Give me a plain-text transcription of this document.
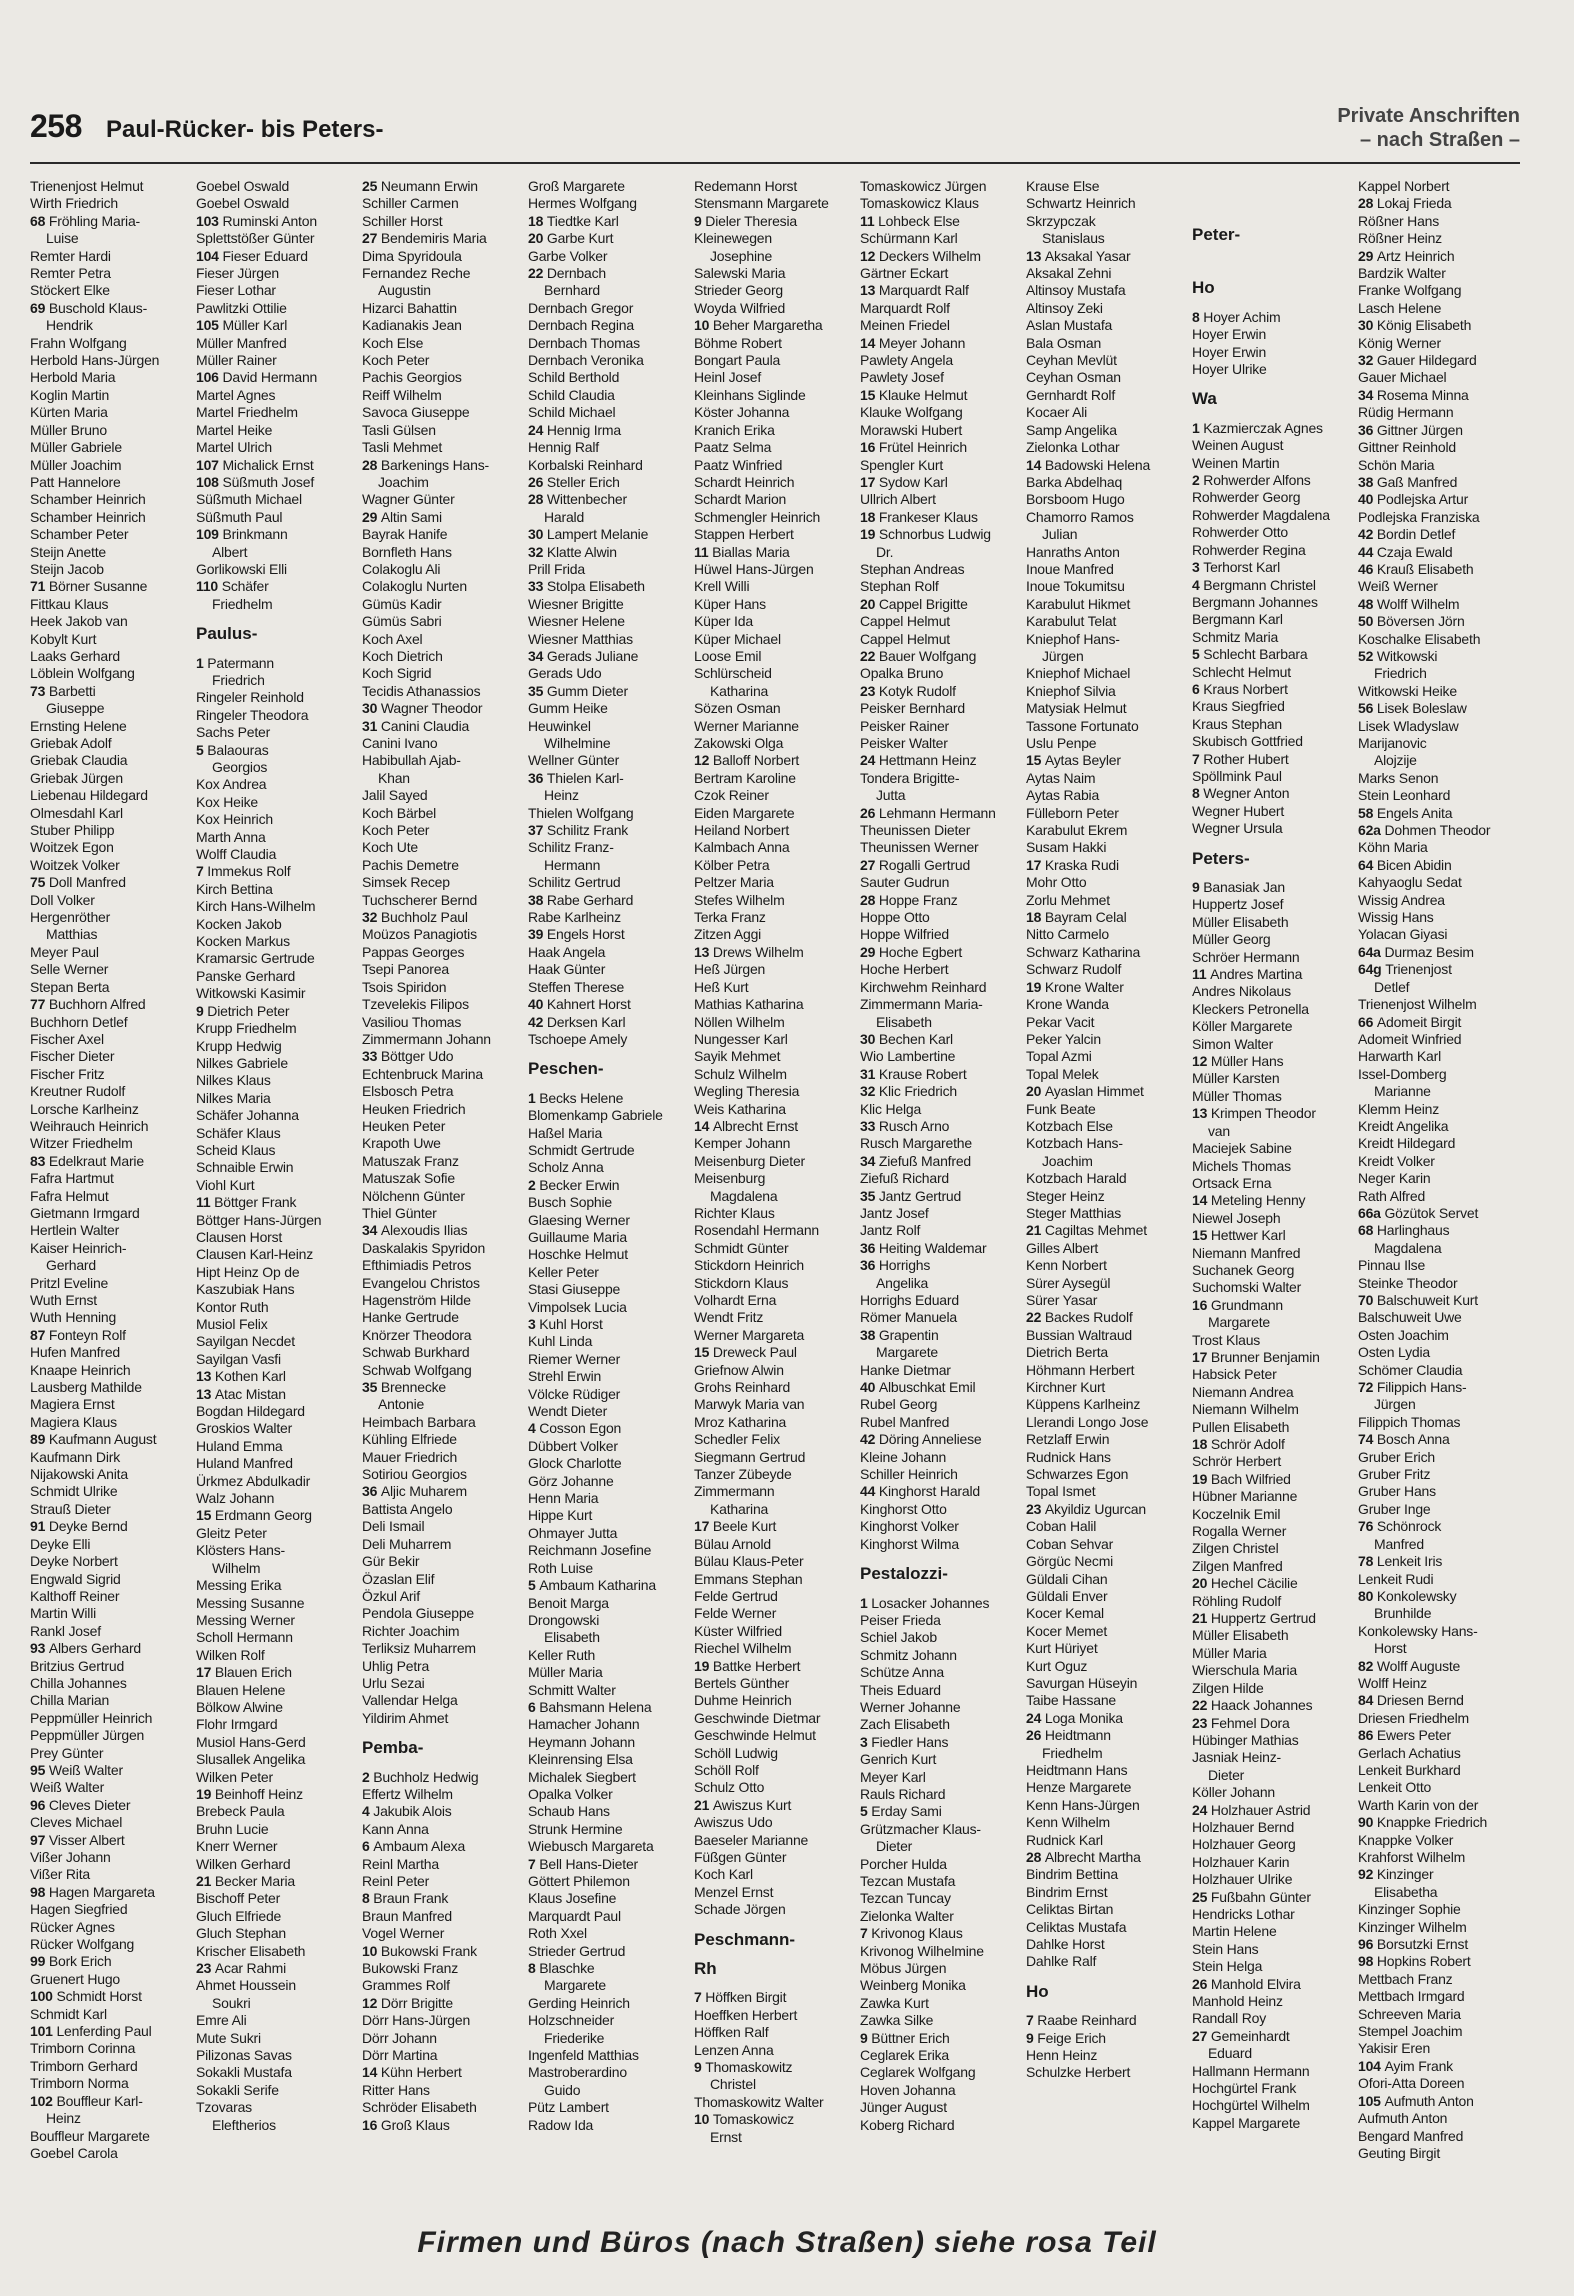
258 Paul-Rücker- bis Peters-	Private Anschriften
– nach Straßen –
Trienenjost Helmut
Wirth Friedrich
68 Fröhling Maria-
Luise
Remter Hardi
Remter Petra
Stöckert Elke
69 Buschold Klaus-
Hendrik
Frahn Wolfgang
Herbold Hans-Jürgen
Herbold Maria
Koglin Martin
Kürten Maria
Müller Bruno
Müller Gabriele
Müller Joachim
Patt Hannelore
Schamber Heinrich
Schamber Heinrich
Schamber Peter
Steijn Anette
Steijn Jacob
71 Börner Susanne
Fittkau Klaus
Heek Jakob van
Kobylt Kurt
Laaks Gerhard
Löblein Wolfgang
73 Barbetti
Giuseppe
Ernsting Helene
Griebak Adolf
Griebak Claudia
Griebak Jürgen
Liebenau Hildegard
Olmesdahl Karl
Stuber Philipp
Woitzek Egon
Woitzek Volker
75 Doll Manfred
Doll Volker
Hergenröther
Matthias
Meyer Paul
Selle Werner
Stepan Berta
77 Buchhorn Alfred
Buchhorn Detlef
Fischer Axel
Fischer Dieter
Fischer Fritz
Kreutner Rudolf
Lorsche Karlheinz
Weihrauch Heinrich
Witzer Friedhelm
83 Edelkraut Marie
Fafra Hartmut
Fafra Helmut
Gietmann Irmgard
Hertlein Walter
Kaiser Heinrich-
Gerhard
Pritzl Eveline
Wuth Ernst
Wuth Henning
87 Fonteyn Rolf
Hufen Manfred
Knaape Heinrich
Lausberg Mathilde
Magiera Ernst
Magiera Klaus
89 Kaufmann August
Kaufmann Dirk
Nijakowski Anita
Schmidt Ulrike
Strauß Dieter
91 Deyke Bernd
Deyke Elli
Deyke Norbert
Engwald Sigrid
Kalthoff Reiner
Martin Willi
Rankl Josef
93 Albers Gerhard
Britzius Gertrud
Chilla Johannes
Chilla Marian
Peppmüller Heinrich
Peppmüller Jürgen
Prey Günter
95 Weiß Walter
Weiß Walter
96 Cleves Dieter
Cleves Michael
97 Visser Albert
Vißer Johann
Vißer Rita
98 Hagen Margareta
Hagen Siegfried
Rücker Agnes
Rücker Wolfgang
99 Bork Erich
Gruenert Hugo
100 Schmidt Horst
Schmidt Karl
101 Lenferding Paul
Trimborn Corinna
Trimborn Gerhard
Trimborn Norma
102 Bouffleur Karl-
Heinz
Bouffleur Margarete
Goebel Carola
Goebel Oswald
Goebel Oswald
103 Ruminski Anton
Splettstößer Günter
104 Fieser Eduard
Fieser Jürgen
Fieser Lothar
Pawlitzki Ottilie
105 Müller Karl
Müller Manfred
Müller Rainer
106 David Hermann
Martel Agnes
Martel Friedhelm
Martel Heike
Martel Ulrich
107 Michalick Ernst
108 Süßmuth Josef
Süßmuth Michael
Süßmuth Paul
109 Brinkmann
Albert
Gorlikowski Elli
110 Schäfer
Friedhelm
Paulus-
1 Patermann
Friedrich
Ringeler Reinhold
Ringeler Theodora
Sachs Peter
5 Balaouras
Georgios
Kox Andrea
Kox Heike
Kox Heinrich
Marth Anna
Wolff Claudia
7 Immekus Rolf
Kirch Bettina
Kirch Hans-Wilhelm
Kocken Jakob
Kocken Markus
Kramarsic Gertrude
Panske Gerhard
Witkowski Kasimir
9 Dietrich Peter
Krupp Friedhelm
Krupp Hedwig
Nilkes Gabriele
Nilkes Klaus
Nilkes Maria
Schäfer Johanna
Schäfer Klaus
Scheid Klaus
Schnaible Erwin
Viohl Kurt
11 Böttger Frank
Böttger Hans-Jürgen
Clausen Horst
Clausen Karl-Heinz
Hipt Heinz Op de
Kaszubiak Hans
Kontor Ruth
Musiol Felix
Sayilgan Necdet
Sayilgan Vasfi
13 Kothen Karl
13 Atac Mistan
Bogdan Hildegard
Groskios Walter
Huland Emma
Huland Manfred
Ürkmez Abdulkadir
Walz Johann
15 Erdmann Georg
Gleitz Peter
Klösters Hans-
Wilhelm
Messing Erika
Messing Susanne
Messing Werner
Scholl Hermann
Wilken Rolf
17 Blauen Erich
Blauen Helene
Bölkow Alwine
Flohr Irmgard
Musiol Hans-Gerd
Slusallek Angelika
Wilken Peter
19 Beinhoff Heinz
Brebeck Paula
Bruhn Lucie
Knerr Werner
Wilken Gerhard
21 Becker Maria
Bischoff Peter
Gluch Elfriede
Gluch Stephan
Krischer Elisabeth
23 Acar Rahmi
Ahmet Houssein
Soukri
Emre Ali
Mute Sukri
Pilizonas Savas
Sokakli Mustafa
Sokakli Serife
Tzovaras
Eleftherios
25 Neumann Erwin
Schiller Carmen
Schiller Horst
27 Bendemiris Maria
Dima Spyridoula
Fernandez Reche
Augustin
Hizarci Bahattin
Kadianakis Jean
Koch Else
Koch Peter
Pachis Georgios
Reiff Wilhelm
Savoca Giuseppe
Tasli Gülsen
Tasli Mehmet
28 Barkenings Hans-
Joachim
Wagner Günter
29 Altin Sami
Bayrak Hanife
Bornfleth Hans
Colakoglu Ali
Colakoglu Nurten
Gümüs Kadir
Gümüs Sabri
Koch Axel
Koch Dietrich
Koch Sigrid
Tecidis Athanassios
30 Wagner Theodor
31 Canini Claudia
Canini Ivano
Habibullah Ajab-
Khan
Jalil Sayed
Koch Bärbel
Koch Peter
Koch Ute
Pachis Demetre
Simsek Recep
Tuchscherer Bernd
32 Buchholz Paul
Moüzos Panagiotis
Pappas Georges
Tsepi Panorea
Tsois Spiridon
Tzevelekis Filipos
Vasiliou Thomas
Zimmermann Johann
33 Böttger Udo
Echtenbruck Marina
Elsbosch Petra
Heuken Friedrich
Heuken Peter
Krapoth Uwe
Matuszak Franz
Matuszak Sofie
Nölchenn Günter
Thiel Günter
34 Alexoudis Ilias
Daskalakis Spyridon
Efthimiadis Petros
Evangelou Christos
Hagenström Hilde
Hanke Gertrude
Knörzer Theodora
Schwab Burkhard
Schwab Wolfgang
35 Brennecke
Antonie
Heimbach Barbara
Kühling Elfriede
Mauer Friedrich
Sotiriou Georgios
36 Aljic Muharem
Battista Angelo
Deli Ismail
Deli Muharrem
Gür Bekir
Özaslan Elif
Özkul Arif
Pendola Giuseppe
Richter Joachim
Terliksiz Muharrem
Uhlig Petra
Urlu Sezai
Vallendar Helga
Yildirim Ahmet
Pemba-
2 Buchholz Hedwig
Effertz Wilhelm
4 Jakubik Alois
Kann Anna
6 Ambaum Alexa
Reinl Martha
Reinl Peter
8 Braun Frank
Braun Manfred
Vogel Werner
10 Bukowski Frank
Bukowski Franz
Grammes Rolf
12 Dörr Brigitte
Dörr Hans-Jürgen
Dörr Johann
Dörr Martina
14 Kühn Herbert
Ritter Hans
Schröder Elisabeth
16 Groß Klaus
Groß Margarete
Hermes Wolfgang
18 Tiedtke Karl
20 Garbe Kurt
Garbe Volker
22 Dernbach
Bernhard
Dernbach Gregor
Dernbach Regina
Dernbach Thomas
Dernbach Veronika
Schild Berthold
Schild Claudia
Schild Michael
24 Hennig Irma
Hennig Ralf
Korbalski Reinhard
26 Steller Erich
28 Wittenbecher
Harald
30 Lampert Melanie
32 Klatte Alwin
Prill Frida
33 Stolpa Elisabeth
Wiesner Brigitte
Wiesner Helene
Wiesner Matthias
34 Gerads Juliane
Gerads Udo
35 Gumm Dieter
Gumm Heike
Heuwinkel
Wilhelmine
Wellner Günter
36 Thielen Karl-
Heinz
Thielen Wolfgang
37 Schilitz Frank
Schilitz Franz-
Hermann
Schilitz Gertrud
38 Rabe Gerhard
Rabe Karlheinz
39 Engels Horst
Haak Angela
Haak Günter
Steffen Therese
40 Kahnert Horst
42 Derksen Karl
Tschoepe Amely
Peschen-
1 Becks Helene
Blomenkamp Gabriele
Haßel Maria
Schmidt Gertrude
Scholz Anna
2 Becker Erwin
Busch Sophie
Glaesing Werner
Guillaume Maria
Hoschke Helmut
Keller Peter
Stasi Giuseppe
Vimpolsek Lucia
3 Kuhl Horst
Kuhl Linda
Riemer Werner
Strehl Erwin
Völcke Rüdiger
Wendt Dieter
4 Cosson Egon
Dübbert Volker
Glock Charlotte
Görz Johanne
Henn Maria
Hippe Kurt
Ohmayer Jutta
Reichmann Josefine
Roth Luise
5 Ambaum Katharina
Benoit Marga
Drongowski
Elisabeth
Keller Ruth
Müller Maria
Schmitt Walter
6 Bahsmann Helena
Hamacher Johann
Heymann Johann
Kleinrensing Elsa
Michalek Siegbert
Opalka Volker
Schaub Hans
Strunk Hermine
Wiebusch Margareta
7 Bell Hans-Dieter
Göttert Philemon
Klaus Josefine
Marquardt Paul
Roth Xxel
Strieder Gertrud
8 Blaschke
Margarete
Gerding Heinrich
Holzschneider
Friederike
Ingenfeld Matthias
Mastroberardino
Guido
Pütz Lambert
Radow Ida
Redemann Horst
Stensmann Margarete
9 Dieler Theresia
Kleinewegen
Josephine
Salewski Maria
Strieder Georg
Woyda Wilfried
10 Beher Margaretha
Böhme Robert
Bongart Paula
Heinl Josef
Kleinhans Siglinde
Köster Johanna
Kranich Erika
Paatz Selma
Paatz Winfried
Schardt Heinrich
Schardt Marion
Schmengler Heinrich
Stappen Herbert
11 Biallas Maria
Hüwel Hans-Jürgen
Krell Willi
Küper Hans
Küper Ida
Küper Michael
Loose Emil
Schlürscheid
Katharina
Sözen Osman
Werner Marianne
Zakowski Olga
12 Balloff Norbert
Bertram Karoline
Czok Reiner
Eiden Margarete
Heiland Norbert
Kalmbach Anna
Kölber Petra
Peltzer Maria
Stefes Wilhelm
Terka Franz
Zitzen Aggi
13 Drews Wilhelm
Heß Jürgen
Heß Kurt
Mathias Katharina
Nöllen Wilhelm
Nungesser Karl
Sayik Mehmet
Schulz Wilhelm
Wegling Theresia
Weis Katharina
14 Albrecht Ernst
Kemper Johann
Meisenburg Dieter
Meisenburg
Magdalena
Richter Klaus
Rosendahl Hermann
Schmidt Günter
Stickdorn Heinrich
Stickdorn Klaus
Volhardt Erna
Wendt Fritz
Werner Margareta
15 Dreweck Paul
Griefnow Alwin
Grohs Reinhard
Marwyk Maria van
Mroz Katharina
Schedler Felix
Siegmann Gertrud
Tanzer Zübeyde
Zimmermann
Katharina
17 Beele Kurt
Bülau Arnold
Bülau Klaus-Peter
Emmans Stephan
Felde Gertrud
Felde Werner
Küster Wilfried
Riechel Wilhelm
19 Battke Herbert
Bertels Günther
Duhme Heinrich
Geschwinde Dietmar
Geschwinde Helmut
Schöll Ludwig
Schöll Rolf
Schulz Otto
21 Awiszus Kurt
Awiszus Udo
Baeseler Marianne
Füßgen Günter
Koch Karl
Menzel Ernst
Schade Jörgen
Peschmann-
Rh
7 Höffken Birgit
Hoeffken Herbert
Höffken Ralf
Lenzen Anna
9 Thomaskowitz
Christel
Thomaskowitz Walter
10 Tomaskowicz
Ernst
Tomaskowicz Jürgen
Tomaskowicz Klaus
11 Lohbeck Else
Schürmann Karl
12 Deckers Wilhelm
Gärtner Eckart
13 Marquardt Ralf
Marquardt Rolf
Meinen Friedel
14 Meyer Johann
Pawlety Angela
Pawlety Josef
15 Klauke Helmut
Klauke Wolfgang
Morawski Hubert
16 Frütel Heinrich
Spengler Kurt
17 Sydow Karl
Ullrich Albert
18 Frankeser Klaus
19 Schnorbus Ludwig
Dr.
Stephan Andreas
Stephan Rolf
20 Cappel Brigitte
Cappel Helmut
Cappel Helmut
22 Bauer Wolfgang
Opalka Bruno
23 Kotyk Rudolf
Peisker Bernhard
Peisker Rainer
Peisker Walter
24 Hettmann Heinz
Tondera Brigitte-
Jutta
26 Lehmann Hermann
Theunissen Dieter
Theunissen Werner
27 Rogalli Gertrud
Sauter Gudrun
28 Hoppe Franz
Hoppe Otto
Hoppe Wilfried
29 Hoche Egbert
Hoche Herbert
Kirchwehm Reinhard
Zimmermann Maria-
Elisabeth
30 Bechen Karl
Wio Lambertine
31 Krause Robert
32 Klic Friedrich
Klic Helga
33 Rusch Arno
Rusch Margarethe
34 Ziefuß Manfred
Ziefuß Richard
35 Jantz Gertrud
Jantz Josef
Jantz Rolf
36 Heiting Waldemar
36 Horrighs
Angelika
Horrighs Eduard
Römer Manuela
38 Grapentin
Margarete
Hanke Dietmar
40 Albuschkat Emil
Rubel Georg
Rubel Manfred
42 Döring Anneliese
Kleine Johann
Schiller Heinrich
44 Kinghorst Harald
Kinghorst Otto
Kinghorst Volker
Kinghorst Wilma
Pestalozzi-
1 Losacker Johannes
Peiser Frieda
Schiel Jakob
Schmitz Johann
Schütze Anna
Theis Eduard
Werner Johanne
Zach Elisabeth
3 Fiedler Hans
Genrich Kurt
Meyer Karl
Rauls Richard
5 Erday Sami
Grützmacher Klaus-
Dieter
Porcher Hulda
Tezcan Mustafa
Tezcan Tuncay
Zielonka Walter
7 Krivonog Klaus
Krivonog Wilhelmine
Möbus Jürgen
Weinberg Monika
Zawka Kurt
Zawka Silke
9 Büttner Erich
Ceglarek Erika
Ceglarek Wolfgang
Hoven Johanna
Jünger August
Koberg Richard
Krause Else
Schwartz Heinrich
Skrzypczak
Stanislaus
13 Aksakal Yasar
Aksakal Zehni
Altinsoy Mustafa
Altinsoy Zeki
Aslan Mustafa
Bala Osman
Ceyhan Mevlüt
Ceyhan Osman
Gernhardt Rolf
Kocaer Ali
Samp Angelika
Zielonka Lothar
14 Badowski Helena
Barka Abdelhaq
Borsboom Hugo
Chamorro Ramos
Julian
Hanraths Anton
Inoue Manfred
Inoue Tokumitsu
Karabulut Hikmet
Karabulut Telat
Kniephof Hans-
Jürgen
Kniephof Michael
Kniephof Silvia
Matysiak Helmut
Tassone Fortunato
Uslu Penpe
15 Aytas Beyler
Aytas Naim
Aytas Rabia
Fülleborn Peter
Karabulut Ekrem
Susam Hakki
17 Kraska Rudi
Mohr Otto
Zorlu Mehmet
18 Bayram Celal
Nitto Carmelo
Schwarz Katharina
Schwarz Rudolf
19 Krone Walter
Krone Wanda
Pekar Vacit
Peker Yalcin
Topal Azmi
Topal Melek
20 Ayaslan Himmet
Funk Beate
Kotzbach Else
Kotzbach Hans-
Joachim
Kotzbach Harald
Steger Heinz
Steger Matthias
21 Cagiltas Mehmet
Gilles Albert
Kenn Norbert
Sürer Aysegül
Sürer Yasar
22 Backes Rudolf
Bussian Waltraud
Dietrich Berta
Höhmann Herbert
Kirchner Kurt
Küppens Karlheinz
Llerandi Longo Jose
Retzlaff Erwin
Rudnick Hans
Schwarzes Egon
Topal Ismet
23 Akyildiz Ugurcan
Coban Halil
Coban Sehvar
Görgüc Necmi
Güldali Cihan
Güldali Enver
Kocer Kemal
Kocer Memet
Kurt Hüriyet
Kurt Oguz
Savurgan Hüseyin
Taibe Hassane
24 Loga Monika
26 Heidtmann
Friedhelm
Heidtmann Hans
Henze Margarete
Kenn Hans-Jürgen
Kenn Wilhelm
Rudnick Karl
28 Albrecht Martha
Bindrim Bettina
Bindrim Ernst
Celiktas Birtan
Celiktas Mustafa
Dahlke Horst
Dahlke Ralf
Ho
7 Raabe Reinhard
9 Feige Erich
Henn Heinz
Schulzke Herbert
Peter-
Ho
8 Hoyer Achim
Hoyer Erwin
Hoyer Erwin
Hoyer Ulrike
Wa
1 Kazmierczak Agnes
Weinen August
Weinen Martin
2 Rohwerder Alfons
Rohwerder Georg
Rohwerder Magdalena
Rohwerder Otto
Rohwerder Regina
3 Terhorst Karl
4 Bergmann Christel
Bergmann Johannes
Bergmann Karl
Schmitz Maria
5 Schlecht Barbara
Schlecht Helmut
6 Kraus Norbert
Kraus Siegfried
Kraus Stephan
Skubisch Gottfried
7 Rother Hubert
Spöllmink Paul
8 Wegner Anton
Wegner Hubert
Wegner Ursula
Peters-
9 Banasiak Jan
Huppertz Josef
Müller Elisabeth
Müller Georg
Schröer Hermann
11 Andres Martina
Andres Nikolaus
Kleckers Petronella
Köller Margarete
Simon Walter
12 Müller Hans
Müller Karsten
Müller Thomas
13 Krimpen Theodor
van
Maciejek Sabine
Michels Thomas
Ortsack Erna
14 Meteling Henny
Niewel Joseph
15 Hettwer Karl
Niemann Manfred
Suchanek Georg
Suchomski Walter
16 Grundmann
Margarete
Trost Klaus
17 Brunner Benjamin
Habsick Peter
Niemann Andrea
Niemann Wilhelm
Pullen Elisabeth
18 Schrör Adolf
Schrör Herbert
19 Bach Wilfried
Hübner Marianne
Koczelnik Emil
Rogalla Werner
Zilgen Christel
Zilgen Manfred
20 Hechel Cäcilie
Röhling Rudolf
21 Huppertz Gertrud
Müller Elisabeth
Müller Maria
Wierschula Maria
Zilgen Hilde
22 Haack Johannes
23 Fehmel Dora
Hübinger Mathias
Jasniak Heinz-
Dieter
Köller Johann
24 Holzhauer Astrid
Holzhauer Bernd
Holzhauer Georg
Holzhauer Karin
Holzhauer Ulrike
25 Fußbahn Günter
Hendricks Lothar
Martin Helene
Stein Hans
Stein Helga
26 Manhold Elvira
Manhold Heinz
Randall Roy
27 Gemeinhardt
Eduard
Hallmann Hermann
Hochgürtel Frank
Hochgürtel Wilhelm
Kappel Margarete
Kappel Norbert
28 Lokaj Frieda
Rößner Hans
Rößner Heinz
29 Artz Heinrich
Bardzik Walter
Franke Wolfgang
Lasch Helene
30 König Elisabeth
König Werner
32 Gauer Hildegard
Gauer Michael
34 Rosema Minna
Rüdig Hermann
36 Gittner Jürgen
Gittner Reinhold
Schön Maria
38 Gaß Manfred
40 Podlejska Artur
Podlejska Franziska
42 Bordin Detlef
44 Czaja Ewald
46 Krauß Elisabeth
Weiß Werner
48 Wolff Wilhelm
50 Böversen Jörn
Koschalke Elisabeth
52 Witkowski
Friedrich
Witkowski Heike
56 Lisek Boleslaw
Lisek Wladyslaw
Marijanovic
Alojzije
Marks Senon
Stein Leonhard
58 Engels Anita
62a Dohmen Theodor
Köhn Maria
64 Bicen Abidin
Kahyaoglu Sedat
Wissig Andrea
Wissig Hans
Yolacan Giyasi
64a Durmaz Besim
64g Trienenjost
Detlef
Trienenjost Wilhelm
66 Adomeit Birgit
Adomeit Winfried
Harwarth Karl
Issel-Domberg
Marianne
Klemm Heinz
Kreidt Angelika
Kreidt Hildegard
Kreidt Volker
Neger Karin
Rath Alfred
66a Gözütok Servet
68 Harlinghaus
Magdalena
Pinnau Ilse
Steinke Theodor
70 Balschuweit Kurt
Balschuweit Uwe
Osten Joachim
Osten Lydia
Schömer Claudia
72 Filippich Hans-
Jürgen
Filippich Thomas
74 Bosch Anna
Gruber Erich
Gruber Fritz
Gruber Hans
Gruber Inge
76 Schönrock
Manfred
78 Lenkeit Iris
Lenkeit Rudi
80 Konkolewsky
Brunhilde
Konkolewsky Hans-
Horst
82 Wolff Auguste
Wolff Heinz
84 Driesen Bernd
Driesen Friedhelm
86 Ewers Peter
Gerlach Achatius
Lenkeit Burkhard
Lenkeit Otto
Warth Karin von der
90 Knappke Friedrich
Knappke Volker
Krahforst Wilhelm
92 Kinzinger
Elisabetha
Kinzinger Sophie
Kinzinger Wilhelm
96 Borsutzki Ernst
98 Hopkins Robert
Mettbach Franz
Mettbach Irmgard
Schreeven Maria
Stempel Joachim
Yakisir Eren
104 Ayim Frank
Ofori-Atta Doreen
105 Aufmuth Anton
Aufmuth Anton
Bengard Manfred
Geuting Birgit
Firmen und Büros (nach Straßen) siehe rosa Teil
